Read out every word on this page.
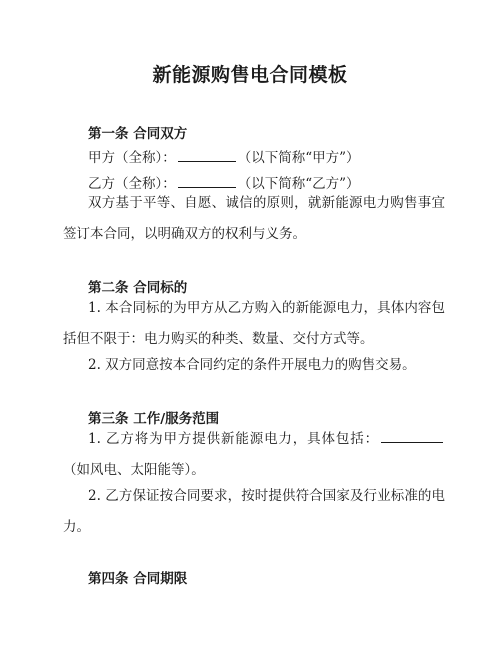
新能源购售电合同模板
第一条 合同双方

甲方（全称）：	（以下简称“甲方”）

乙方（全称）：	（以下简称“乙方”）

双方基于平等、自愿、诚信的原则，就新能源电力购售事宜签订本合同，以明确双方的权利与义务。

第二条 合同标的

1. 本合同标的为甲方从乙方购入的新能源电力，具体内容包括但不限于：电力购买的种类、数量、交付方式等。

2. 双方同意按本合同约定的条件开展电力的购售交易。

第三条 工作/服务范围

1. 乙方将为甲方提供新能源电力，具体包括：（如风电、太阳能等）。

2. 乙方保证按合同要求，按时提供符合国家及行业标准的电力。

第四条 合同期限
